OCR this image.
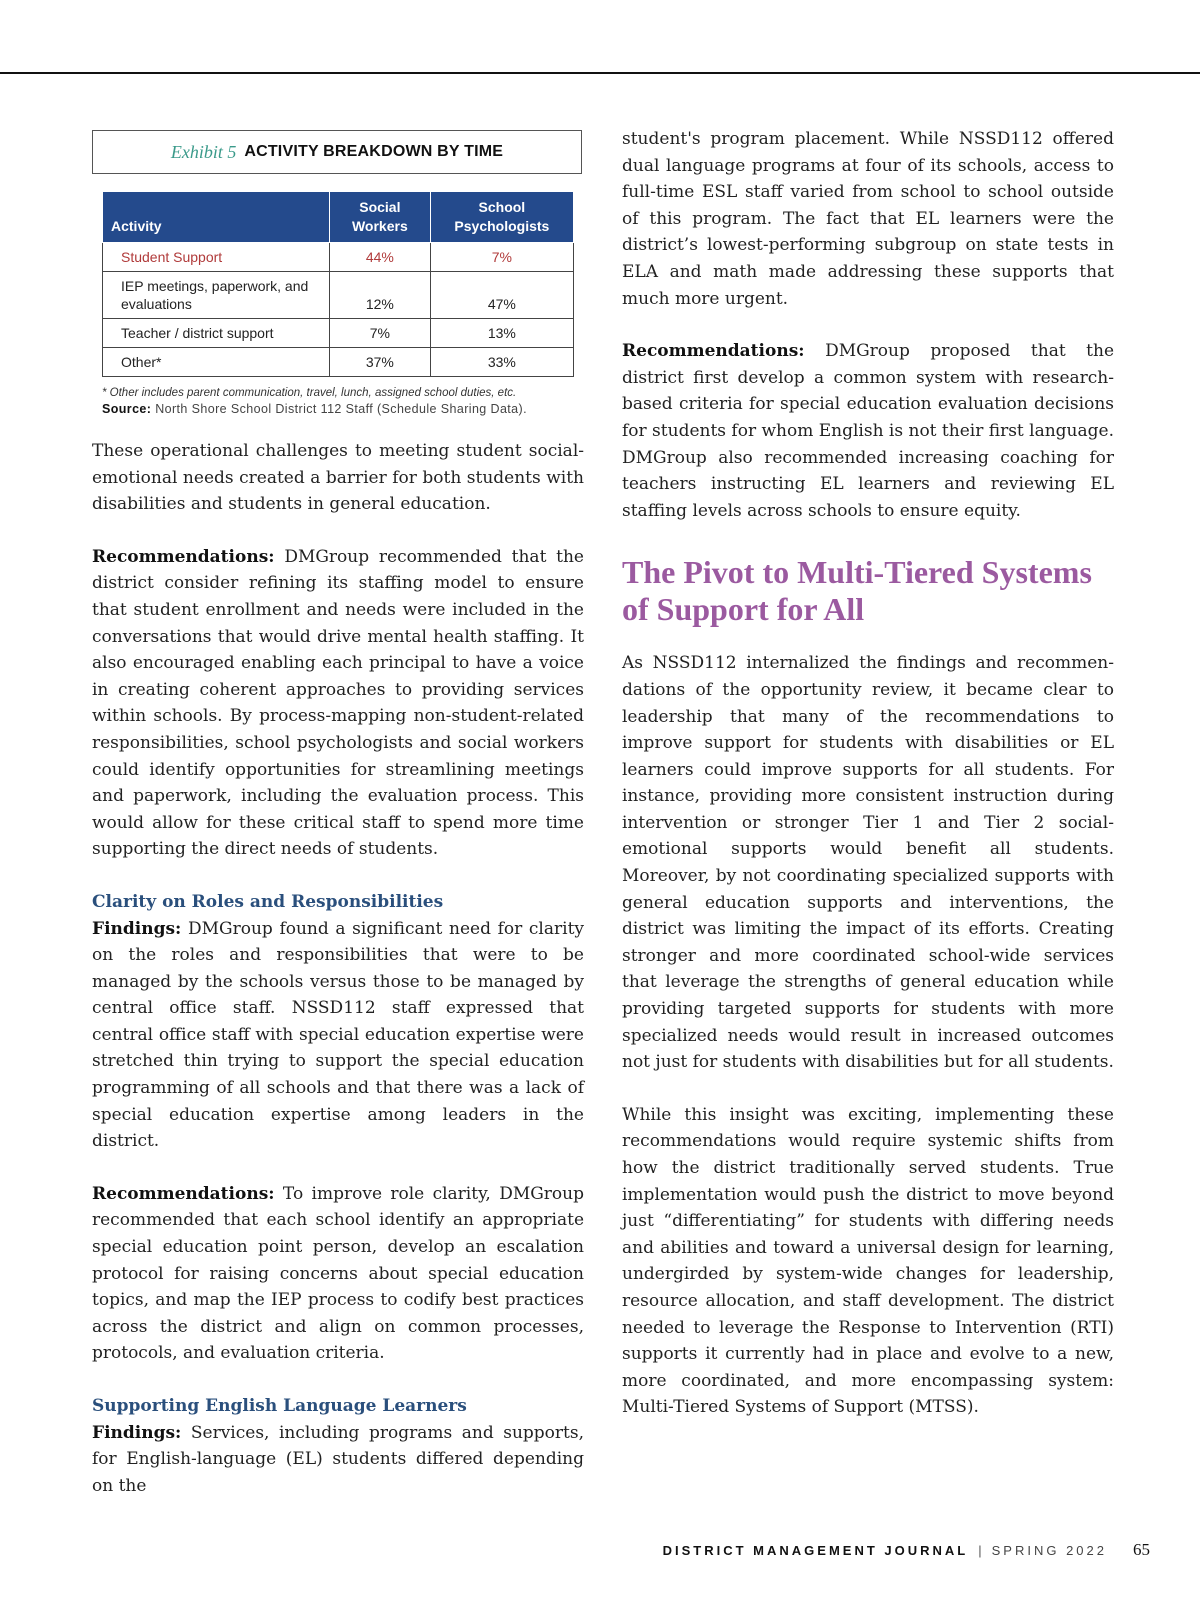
Exhibit 5 ACTIVITY BREAKDOWN BY TIME
Activity	Social Workers	School Psychologists
Student Support	44%	7%
IEP meetings, paperwork, and evaluations	12%	47%
Teacher / district support	7%	13%
Other*	37%	33%
* Other includes parent communication, travel, lunch, assigned school duties, etc.
Source: North Shore School District 112 Staff (Schedule Sharing Data).

These operational challenges to meeting student social-emotional needs created a barrier for both students with disabilities and students in general education.

Recommendations: DMGroup recommended that the district consider refining its staffing model to ensure that student enrollment and needs were included in the conversations that would drive mental health staffing. It also encouraged enabling each principal to have a voice in creating coherent approaches to providing services within schools. By process-mapping non-student-related responsibilities, school psychologists and social workers could identify opportunities for streamlining meetings and paperwork, including the evaluation process. This would allow for these critical staff to spend more time supporting the direct needs of students.

Clarity on Roles and Responsibilities

Findings: DMGroup found a significant need for clarity on the roles and responsibilities that were to be managed by the schools versus those to be managed by central office staff. NSSD112 staff expressed that central office staff with special education expertise were stretched thin trying to support the special education programming of all schools and that there was a lack of special education expertise among leaders in the district.

Recommendations: To improve role clarity, DMGroup recommended that each school identify an appropriate special education point person, develop an escalation protocol for raising concerns about special education topics, and map the IEP process to codify best practices across the district and align on common processes, protocols, and evaluation criteria.

Supporting English Language Learners

Findings: Services, including programs and supports, for English-language (EL) students differed depending on the

student's program placement. While NSSD112 offered dual language programs at four of its schools, access to full-time ESL staff varied from school to school outside of this program. The fact that EL learners were the district’s lowest-performing subgroup on state tests in ELA and math made addressing these supports that much more urgent.

Recommendations: DMGroup proposed that the district first develop a common system with research-based criteria for special education evaluation decisions for students for whom English is not their first language. DMGroup also recommended increasing coaching for teachers instructing EL learners and reviewing EL staffing levels across schools to ensure equity.

The Pivot to Multi-Tiered Systems of Support for All

As NSSD112 internalized the findings and recommen-dations of the opportunity review, it became clear to leadership that many of the recommendations to improve support for students with disabilities or EL learners could improve supports for all students. For instance, providing more consistent instruction during intervention or stronger Tier 1 and Tier 2 social-emotional supports would benefit all students. Moreover, by not coordinating specialized supports with general education supports and interventions, the district was limiting the impact of its efforts. Creating stronger and more coordinated school-wide services that leverage the strengths of general education while providing targeted supports for students with more specialized needs would result in increased outcomes not just for students with disabilities but for all students.

While this insight was exciting, implementing these recommendations would require systemic shifts from how the district traditionally served students. True implementation would push the district to move beyond just “differentiating” for students with differing needs and abilities and toward a universal design for learning, undergirded by system-wide changes for leadership, resource allocation, and staff development. The district needed to leverage the Response to Intervention (RTI) supports it currently had in place and evolve to a new, more coordinated, and more encompassing system: Multi-Tiered Systems of Support (MTSS).

DISTRICT MANAGEMENT JOURNAL | SPRING 2022 65
